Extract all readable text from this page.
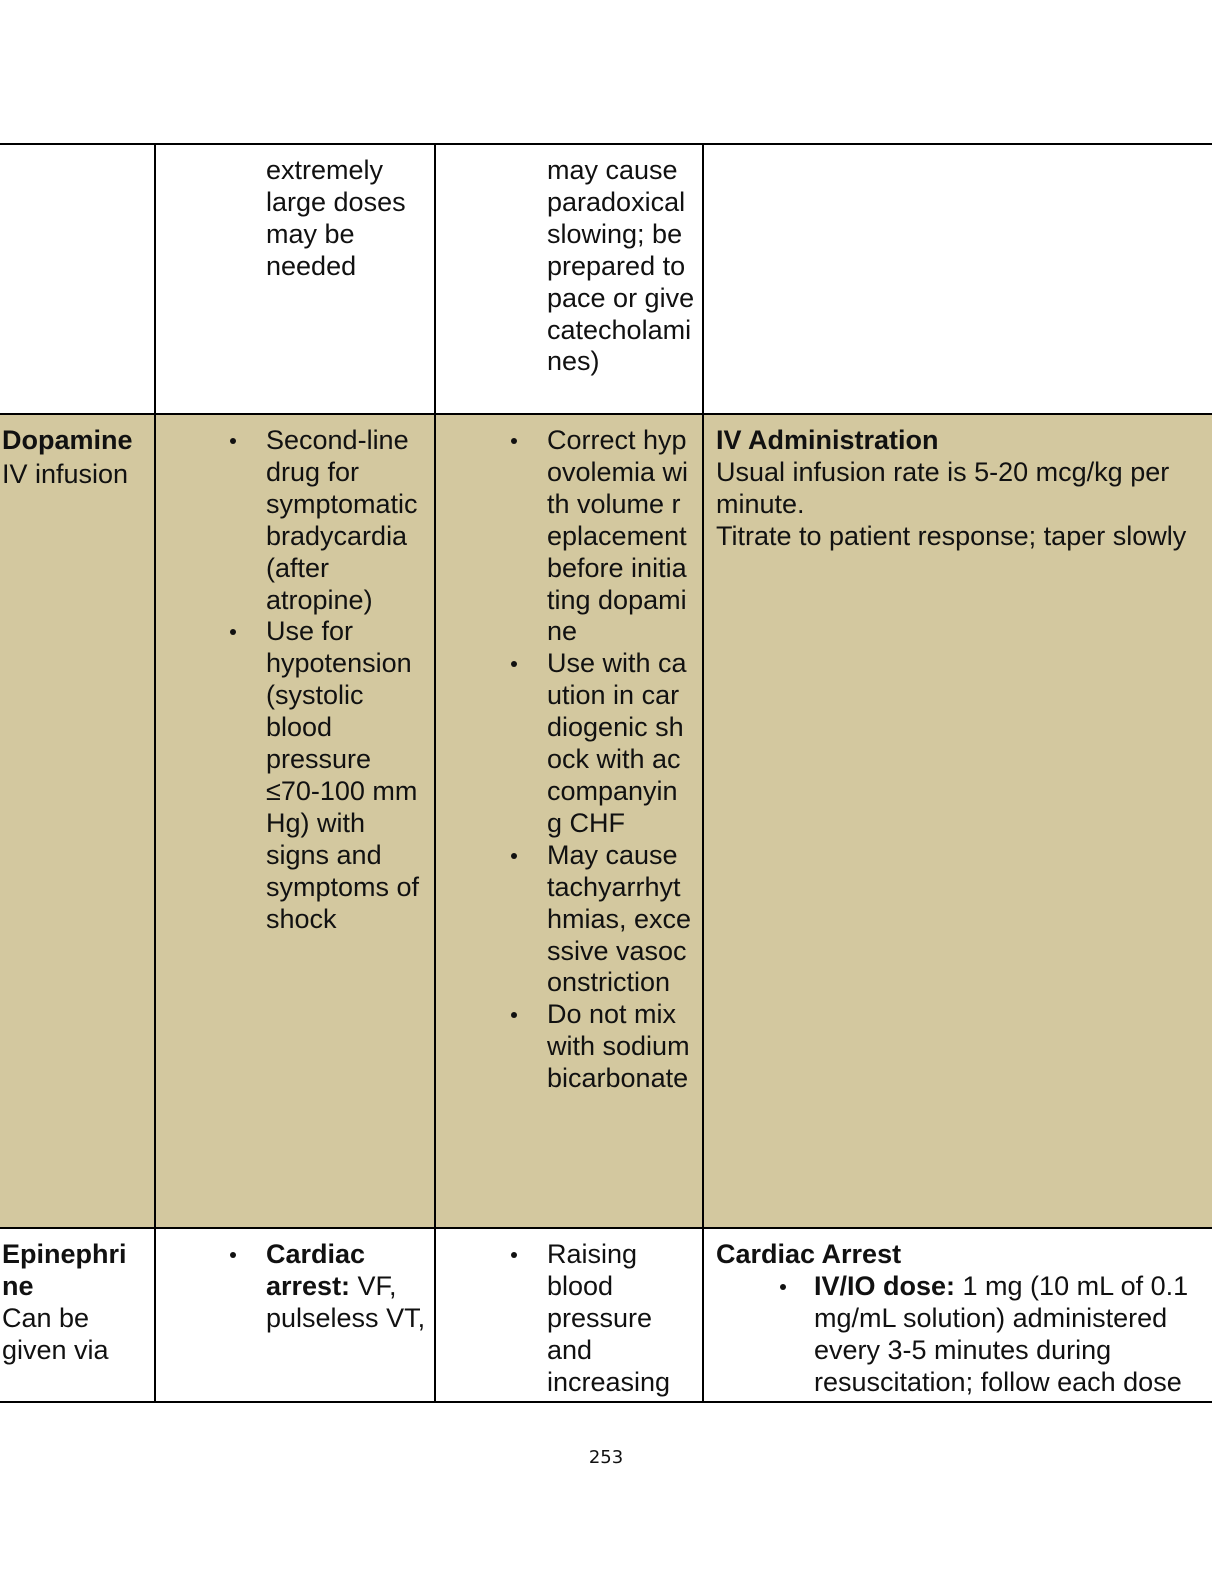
extremely large doses may be needed
may cause paradoxical slowing; be prepared to pace or give catecholamines)
Dopamine
IV infusion
Second-line drug for symptomatic bradycardia (after atropine)
Use for hypotension (systolic blood pressure ≤70-100 mm Hg) with signs and symptoms of shock
Correct hypovolemia with volume replacement before initiating dopamine
Use with caution in cardiogenic shock with accompanying CHF
May cause tachyarrhythmias, excessive vasoconstriction
Do not mix with sodium bicarbonate
IV Administration
Usual infusion rate is 5-20 mcg/kg per minute.
Titrate to patient response; taper slowly
Epinephrine
Can be given via
Cardiac arrest: VF, pulseless VT,
Raising blood pressure and increasing
Cardiac Arrest
IV/IO dose: 1 mg (10 mL of 0.1 mg/mL solution) administered every 3-5 minutes during resuscitation; follow each dose
253
